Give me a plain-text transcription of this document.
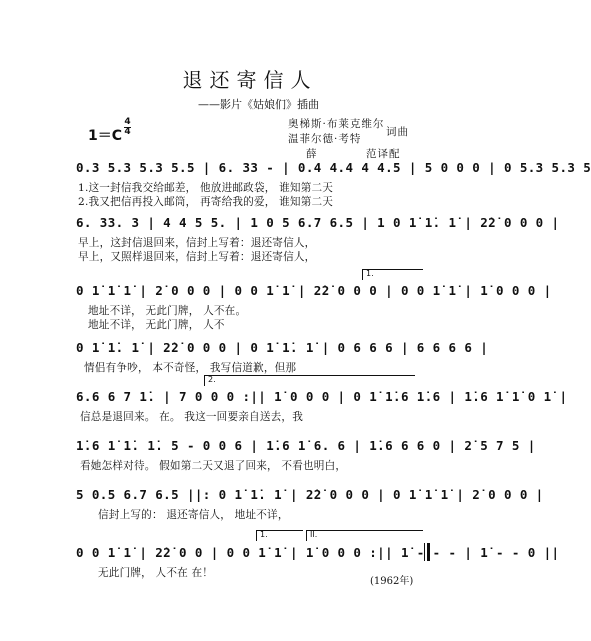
退还寄信人
——影片《姑娘们》插曲
奥梯斯·布莱克维尔
温菲尔德·考特
词曲
薛	范译配
1＝C
4
4
0.3 5.3 5.3 5.5 | 6. 33 - | 0.4 4.4 4 4.5 | 5 0 0 0 | 0 5.3 5.3 5
1.这一封信我交给邮差， 他放进邮政袋， 谁知第二天
2.我又把信再投入邮筒， 再寄给我的爱， 谁知第二天
6. 33. 3 | 4 4 5 5. | 1 0 5 6.7 6.5 | 1 0 1̇ 1̇. 1̇ | 2̇2̇ 0 0 0 |
早上，这封信退回来，信封上写着：退还寄信人，
早上，又照样退回来，信封上写着：退还寄信人，
1.
0 1̇ 1̇ 1̇ | 2̇ 0 0 0 | 0 0 1̇ 1̇ | 2̇2̇ 0 0 0 | 0 0 1̇ 1̇ | 1̇ 0 0 0 |
地址不详， 无此门牌， 人不在。
地址不详， 无此门牌， 人不
0 1̇ 1̇. 1̇ | 2̇2̇ 0 0 0 | 0 1̇ 1̇. 1̇ | 0 6 6 6 | 6 6 6 6 |
情侣有争吵， 本不奇怪， 我写信道歉，但那
2.
6.6 6 7 1̇. | 7 0 0 0 :|| 1̇ 0 0 0 | 0 1̇ 1̇.6 1̇.6 | 1̇.6 1̇ 1̇ 0 1̇ |
信总是退回来。 在。 我这一回要亲自送去，我
1̇.6 1̇ 1̇. 1̇. 5 - 0 0 6 | 1̇.6 1̇ 6. 6 | 1̇.6 6 6 0 | 2̇ 5 7 5 |
看她怎样对待。 假如第二天又退了回来， 不看也明白，
5 0.5 6.7 6.5 ||: 0 1̇ 1̇. 1̇ | 2̇2̇ 0 0 0 | 0 1̇ 1̇ 1̇ | 2̇ 0 0 0 |
信封上写的： 退还寄信人， 地址不详，
1.	II.
0 0 1̇ 1̇ | 2̇2̇ 0 0 | 0 0 1̇ 1̇ | 1̇ 0 0 0 :|| 1̇ - - - | 1̇ - - 0 ||
无此门牌， 人不在 在！
(1962年)
